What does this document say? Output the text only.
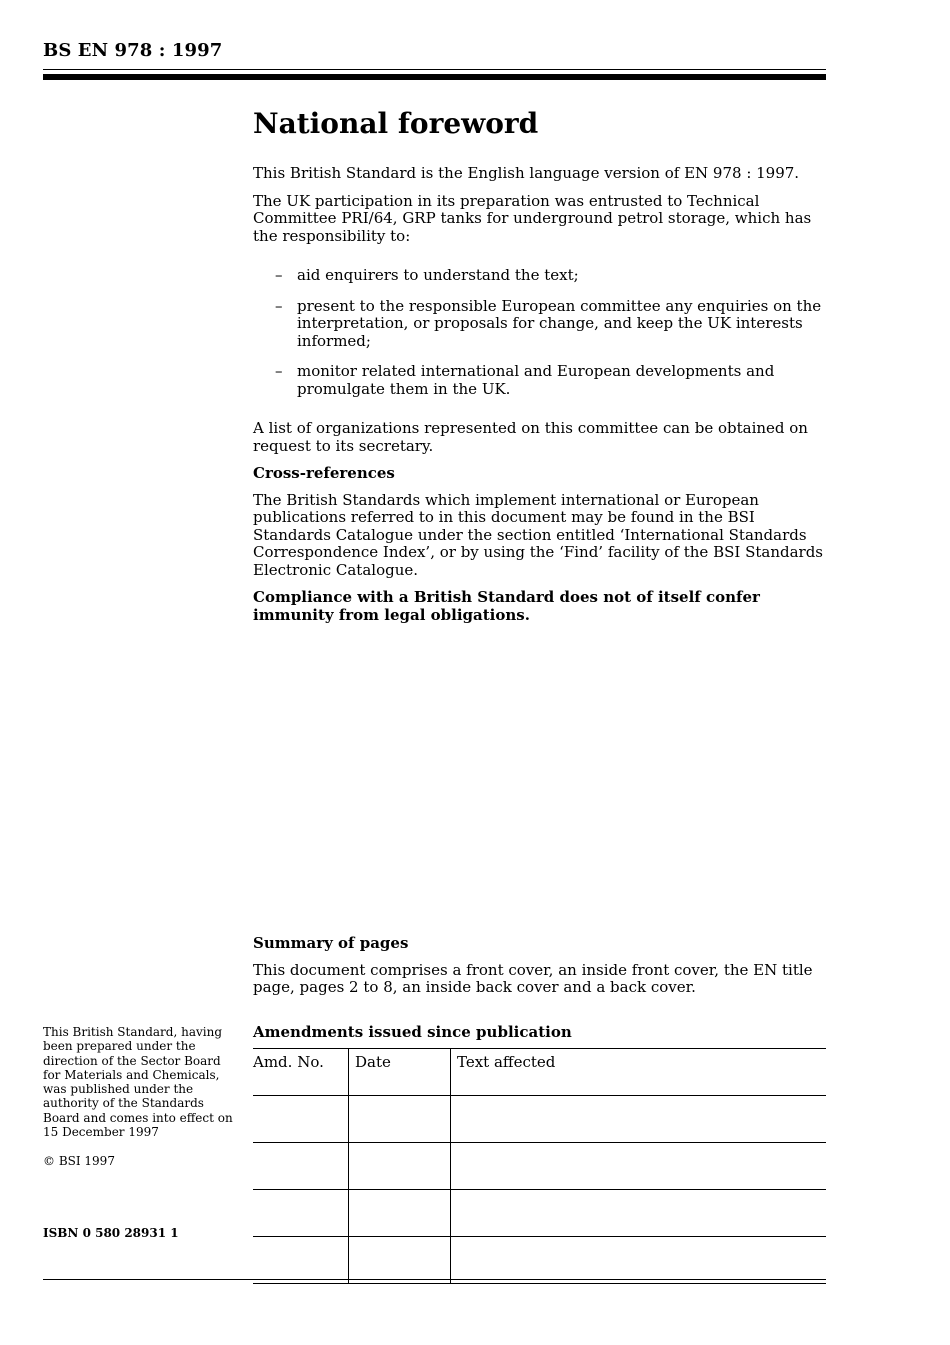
BS EN 978 : 1997
National foreword

This British Standard is the English language version of EN 978 : 1997.

The UK participation in its preparation was entrusted to Technical Committee PRI/64, GRP tanks for underground petrol storage, which has the responsibility to:

– aid enquirers to understand the text;
– present to the responsible European committee any enquiries on the interpretation, or proposals for change, and keep the UK interests informed;
– monitor related international and European developments and promulgate them in the UK.

A list of organizations represented on this committee can be obtained on request to its secretary.

Cross-references

The British Standards which implement international or European publications referred to in this document may be found in the BSI Standards Catalogue under the section entitled ‘International Standards Correspondence Index’, or by using the ‘Find’ facility of the BSI Standards Electronic Catalogue.

Compliance with a British Standard does not of itself confer immunity from legal obligations.

Summary of pages

This document comprises a front cover, an inside front cover, the EN title page, pages 2 to 8, an inside back cover and a back cover.

Amendments issued since publication
Amd. No.	Date	Text affected

This British Standard, having been prepared under the direction of the Sector Board for Materials and Chemicals, was published under the authority of the Standards Board and comes into effect on 15 December 1997
© BSI 1997
ISBN 0 580 28931 1
